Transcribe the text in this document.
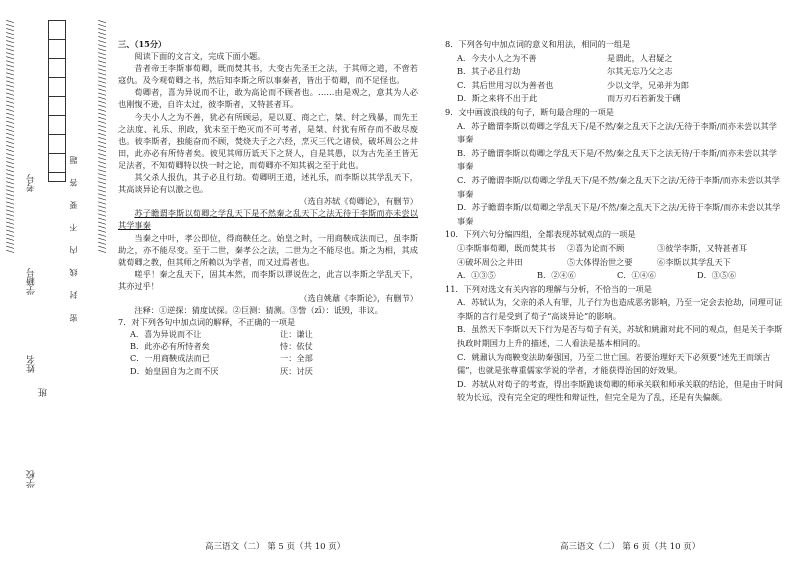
//////////////////////////////////////////////////////////	//////////////////////////////////////////////////////////
学校
班
姓名
学籍号
考号	密 封 线 内 不 要 答 题

三、（15分）

阅读下面的文言文，完成下面小题。

昔者帝王李斯事荀卿，既而焚其书，大变古先圣王之法，于其师之道，不啻若寇仇。及今观荀卿之书，然后知李斯之所以事秦者，皆出于荀卿，而不足怪也。

荀卿者，喜为异说而不让，敢为高论而不顾者也。……由是观之，意其为人必也刚愎不逊，自许太过，彼李斯者，又特甚者耳。

今夫小人之为不善，犹必有所顾忌，是以夏、商之亡，桀、纣之残暴，而先王之法度、礼乐、刑政，犹未至于绝灭而不可考者，是桀、纣犹有所存而不敢尽废也。彼李斯者，独能奋而不顾，焚烧夫子之六经，烹灭三代之诸侯，破坏周公之井田，此亦必有所恃者矣。彼见其师历诋天下之贤人，自是其愚，以为古先圣王皆无足法者，不知荀卿特以快一时之论，而荀卿亦不知其祸之至于此也。

其父杀人报仇，其子必且行劫。荀卿明王道，述礼乐，而李斯以其学乱天下，其高谈异论有以激之也。

（选自苏轼《荀卿论》，有删节）

苏子瞻谓李斯以荀卿之学乱天下是不然秦之乱天下之法无待于李斯而亦未尝以其学事秦

当秦之中叶，孝公即位，得商鞅任之。始皇之时，一用商鞅成法而已，虽李斯助之，亦不能尽变。至于二世，秦孝公之法，二世为之不能尽也。斯之为相，其成就荀卿之教，但其师之所赖以为学者，而又过焉者也。

嗟乎！秦之乱天下，固其本然，而李斯以谬说佐之，此言以李斯之学乱天下，其亦过乎！

（选自姚鼐《李斯论》，有删节）

注释：①逆探：猜度试探。②巨测：猜测。③訾（zī）：诋毁，非议。

7．对下列各句中加点词的解释，不正确的一项是

A．喜为异说而不让	让：谦让
B．此亦必有所恃者矣	恃：依仗
C．一用商鞅成法而已	一：全部
D．始皇固自为之而不厌	厌：讨厌
高三语文（二） 第 5 页（共 10 页）

8．下列各句中加点词的意义和用法，相同的一组是

A．今夫小人之为不善	是谓此，人君疑之
B．其子必且行劫	尔其无忘乃父之志
C．其后世用习以为善者也	少以文学，兄弟并为郎
D．斯之来将不出于此	而万刃石若新发于硎

9．文中画波浪线的句子，断句最合理的一项是

A．苏子瞻谓李斯以荀卿之学乱天下/是不然/秦之乱天下之法/无待于李斯/而亦未尝以其学事秦

B．苏子瞻谓李斯以荀卿之学乱天下是/不然/秦之乱天下之法无待/于李斯/而亦未尝以其学事秦

C．苏子瞻谓李斯/以荀卿之学乱天下/是不然/秦之乱天下之法/无待于李斯/而亦未尝以其学事秦

D．苏子瞻谓李斯/以荀卿之学乱天下是/不然/秦之乱天下之法/无待于李斯/而亦未尝以其学事秦

10．下列六句分编四组，全都表现苏轼观点的一项是

①李斯事荀卿，既而焚其书	②喜为论而不顾	③彼学李斯，又特甚者耳
④破坏周公之井田	⑤大体得治世之要	⑥李斯以其学乱天下
A．①③⑤	B．②④⑥	C．①④⑥	D．③⑤⑥

11．下列对选文有关内容的理解与分析，不恰当的一项是

A．苏轼认为，父亲的杀人有罪，儿子行为也造成恶劣影响，乃至一定会去抢劫，同理可证李斯的言行是受到了荀子“高谈异论”的影响。

B．虽然天下李斯以天下行为是否与荀子有关，苏轼和姚鼐对此不同的观点，但是关于李斯执政时期国力上升的描述，二人看法是基本相同的。

C．姚鼐认为商鞅变法助秦强国，乃至二世亡国。若要治理好天下必须要“述先王而颂古儒”，也就是张尊重儒家学说的学者，才能获得治国的好效果。

D．苏轼从对荀子的考查，得出李斯跪谈荀卿的师承关联和师承关联的结论，但是由于时间较为长远，没有完全定的理性和辩证性，但完全是为了乱，还是有失偏颇。

高三语文（二） 第 6 页（共 10 页）
